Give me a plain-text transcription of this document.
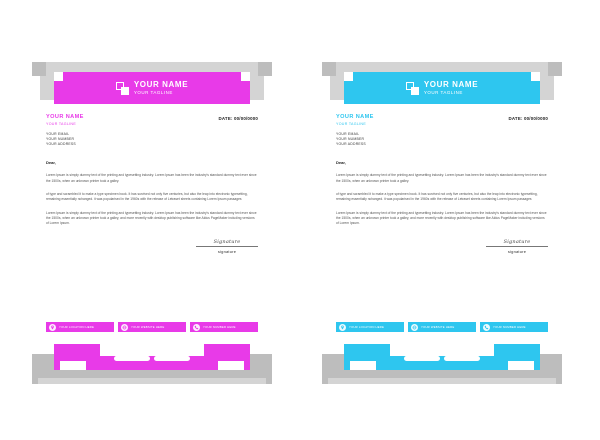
YOUR NAME
YOUR TAGLINE
YOUR NAME
YOUR TAGLINE
DATE: 00/00/0000
YOUR EMAIL
YOUR NUMBER
YOUR ADDRESS
Dear,
Lorem Ipsum is simply dummy text of the printing and typesetting industry. Lorem Ipsum has been the industry's standard dummy text ever since the 1500s, when an unknown printer took a galley.
of type and scrambled it to make a type specimen book. It has survived not only five centuries, but also the leap into electronic typesetting, remaining essentially nchanged. it was popularised in the 1960s with the release of Letraset sheets containing Lorem Ipsum passages
Lorem Ipsum is simply dummy text of the printing and typesetting industry. Lorem Ipsum has been the industry's standard dummy text ever since the 1500s, when an unknown printer took a galley, and more recently with desktop publishing software like Aldus PageMaker including versions of Lorem Ipsum.
Signature
signature
YOUR LOCATION HERE	YOUR WEBSITE HERE	YOUR NUMBER HERE
YOUR NAME
YOUR TAGLINE
YOUR NAME
YOUR TAGLINE
DATE: 00/00/0000
YOUR EMAIL
YOUR NUMBER
YOUR ADDRESS
Dear,
Lorem Ipsum is simply dummy text of the printing and typesetting industry. Lorem Ipsum has been the industry's standard dummy text ever since the 1500s, when an unknown printer took a galley.
of type and scrambled it to make a type specimen book. It has survived not only five centuries, but also the leap into electronic typesetting, remaining essentially nchanged. it was popularised in the 1960s with the release of Letraset sheets containing Lorem Ipsum passages
Lorem Ipsum is simply dummy text of the printing and typesetting industry. Lorem Ipsum has been the industry's standard dummy text ever since the 1500s, when an unknown printer took a galley, and more recently with desktop publishing software like Aldus PageMaker including versions of Lorem Ipsum.
Signature
signature
YOUR LOCATION HERE	YOUR WEBSITE HERE	YOUR NUMBER HERE
